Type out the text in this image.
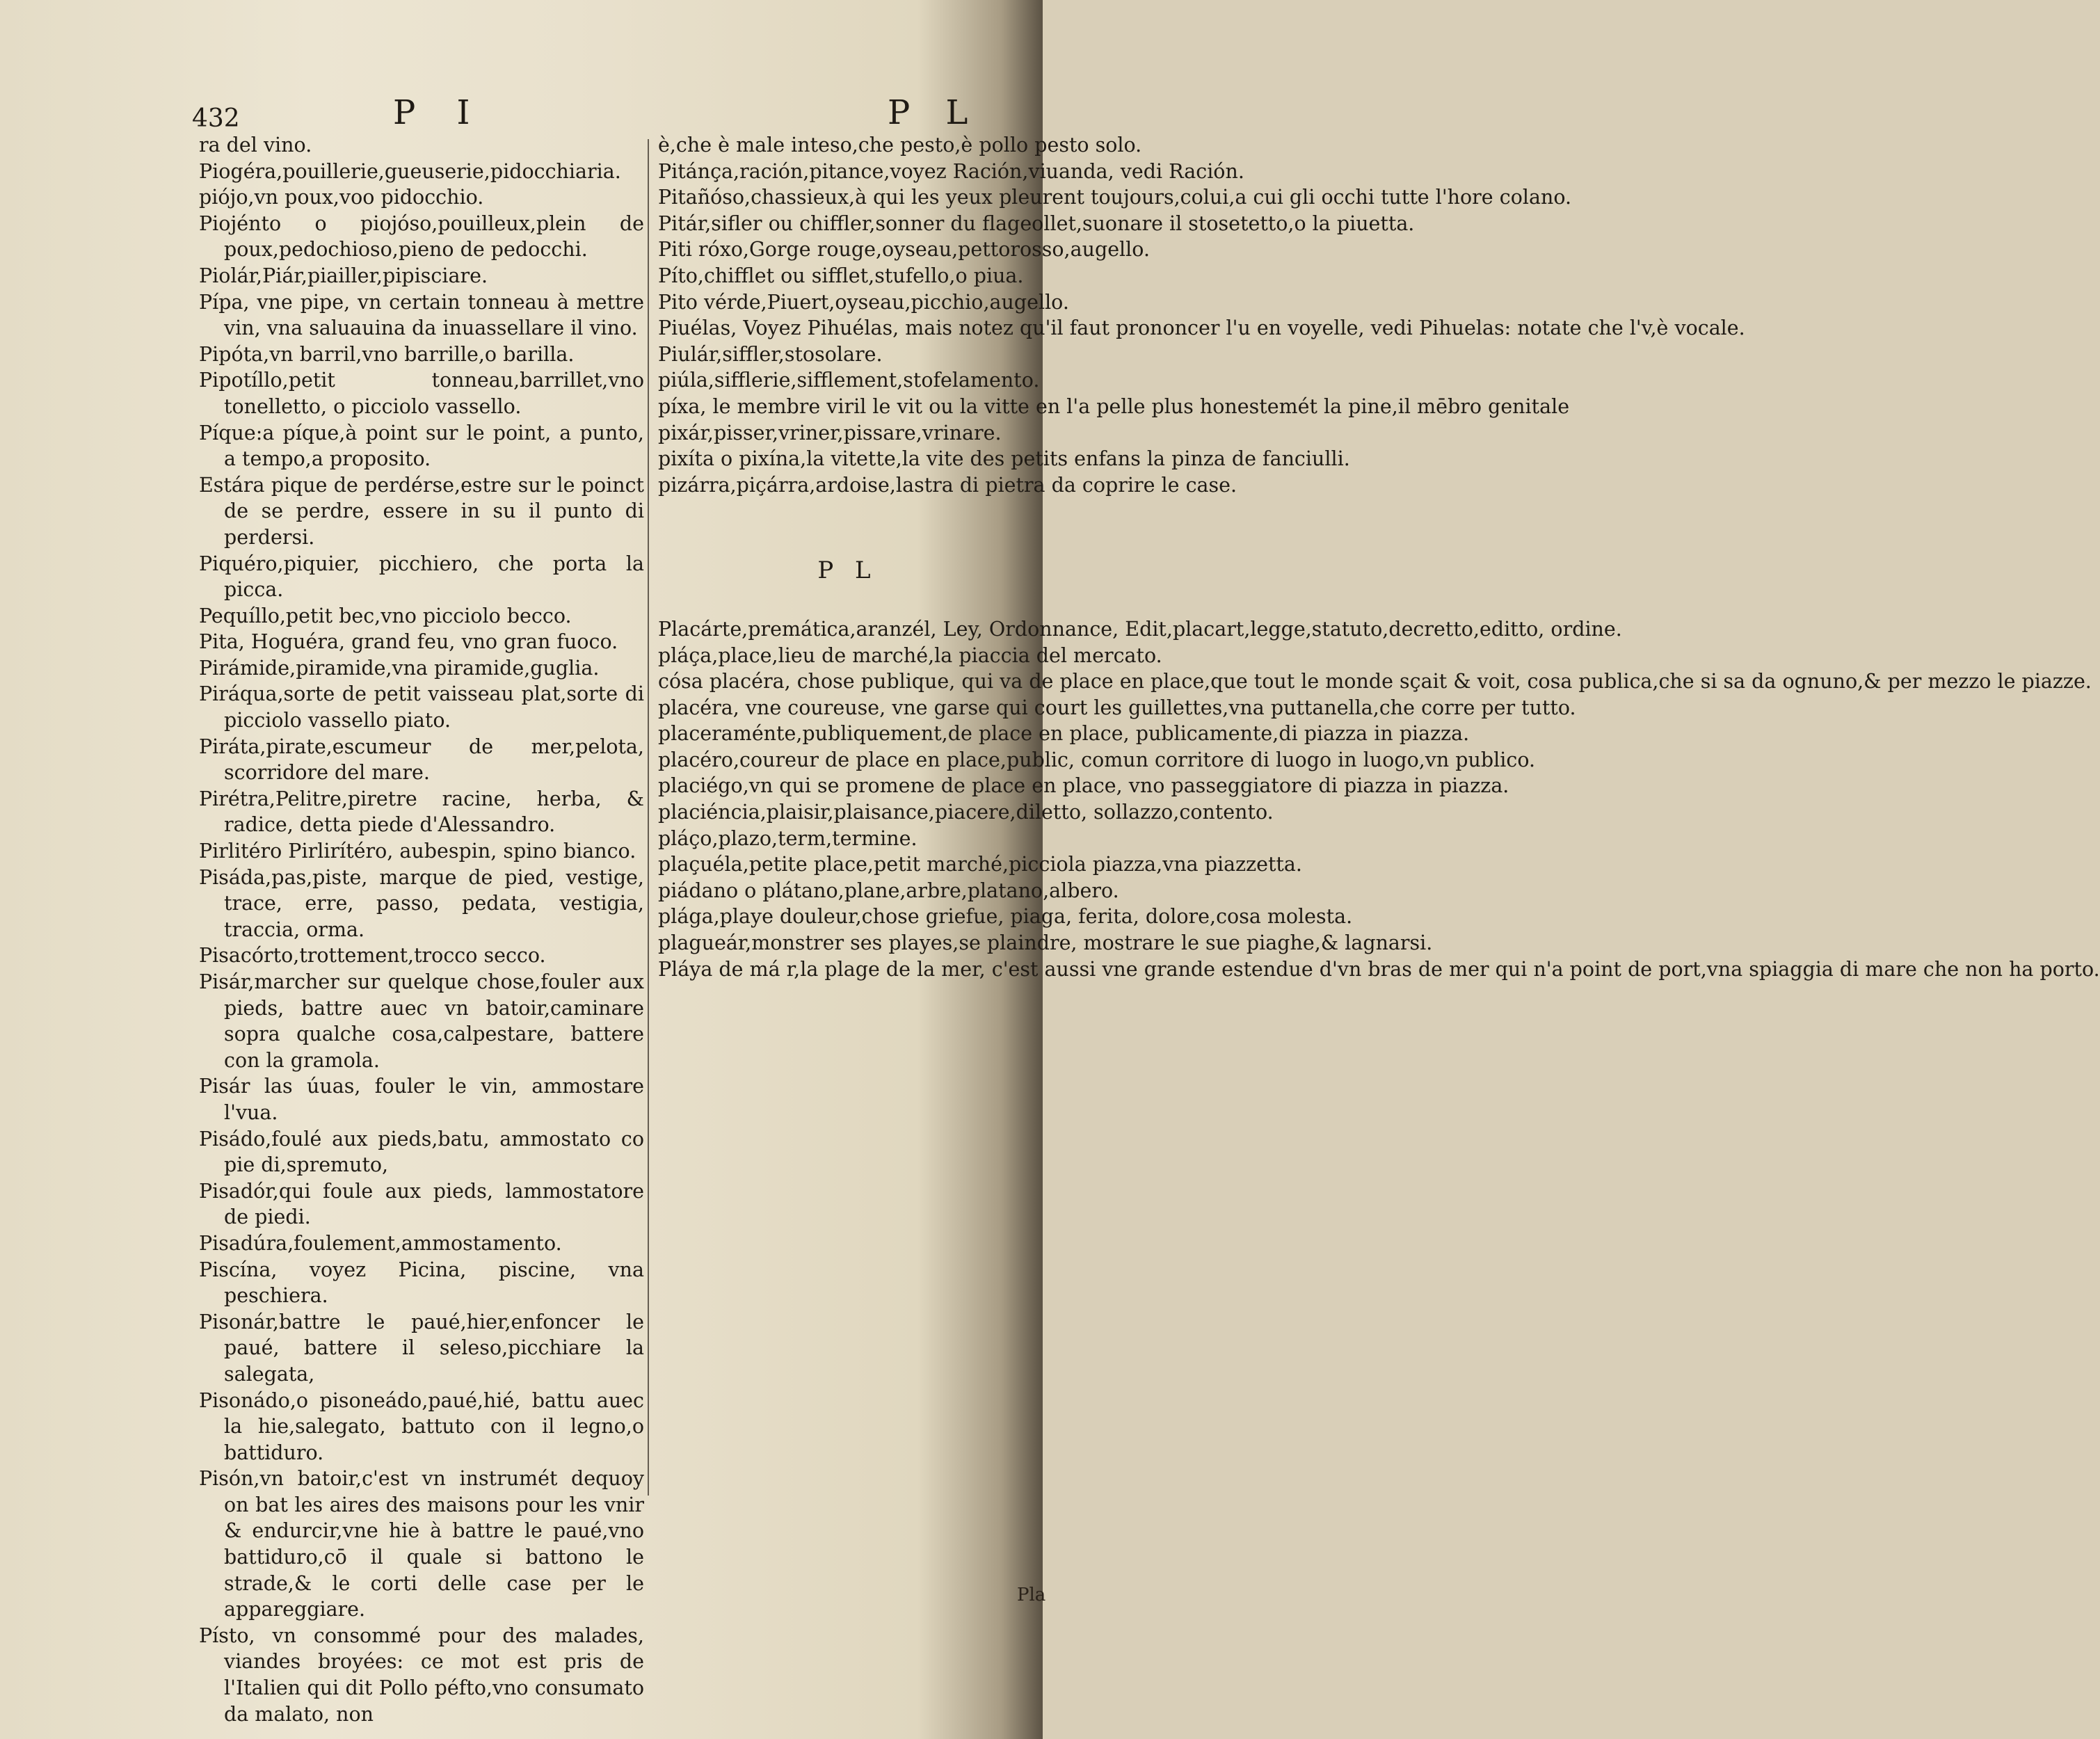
432	P I	P L

ra del vino.

Piogéra,pouillerie,gueuserie,pidocchiaria.

piójo,vn poux,voo pidocchio.

Piojénto o piojóso,pouilleux,plein de poux,pedochioso,pieno de pedocchi.

Piolár,Piár,piailler,pipisciare.

Pípa, vne pipe, vn certain tonneau à mettre vin, vna saluauina da inuassellare il vino.

Pipóta,vn barril,vno barrille,o barilla.

Pipotíllo,petit tonneau,barrillet,vno tonelletto, o picciolo vassello.

Píque:a píque,à point sur le point, a punto, a tempo,a proposito.

Estára pique de perdérse,estre sur le poinct de se perdre, essere in su il punto di perdersi.

Piquéro,piquier, picchiero, che porta la picca.

Pequíllo,petit bec,vno picciolo becco.

Pita, Hoguéra, grand feu, vno gran fuoco.

Pirámide,piramide,vna piramide,guglia.

Piráqua,sorte de petit vaisseau plat,sorte di picciolo vassello piato.

Piráta,pirate,escumeur de mer,pelota, scorridore del mare.

Pirétra,Pelitre,piretre racine, herba, & radice, detta piede d'Alessandro.

Pirlitéro Pirlirítéro, aubespin, spino bianco.

Pisáda,pas,piste, marque de pied, vestige, trace, erre, passo, pedata, vestigia, traccia, orma.

Pisacórto,trottement,trocco secco.

Pisár,marcher sur quelque chose,fouler aux pieds, battre auec vn batoir,caminare sopra qualche cosa,calpestare, battere con la gramola.

Pisár las úuas, fouler le vin, ammostare l'vua.

Pisádo,foulé aux pieds,batu, ammostato co pie di,spremuto,

Pisadór,qui foule aux pieds, lammostatore de piedi.

Pisadúra,foulement,ammostamento.

Piscína, voyez Picina, piscine, vna peschiera.

Pisonár,battre le paué,hier,enfoncer le paué, battere il seleso,picchiare la salegata,

Pisonádo,o pisoneádo,paué,hié, battu auec la hie,salegato, battuto con il legno,o battiduro.

Pisón,vn batoir,c'est vn instrumét dequoy on bat les aires des maisons pour les vnir & endurcir,vne hie à battre le paué,vno battiduro,cō il quale si battono le strade,& le corti delle case per le appareggiare.

Písto, vn consommé pour des malades, viandes broyées: ce mot est pris de l'Italien qui dit Pollo péfto,vno consumato da malato, non

è,che è male inteso,che pesto,è pollo pesto solo.

Pitánça,ración,pitance,voyez Ración,viuanda, vedi Ración.

Pitañóso,chassieux,à qui les yeux pleurent toujours,colui,a cui gli occhi tutte l'hore colano.

Pitár,sifler ou chiffler,sonner du flageollet,suonare il stosetetto,o la piuetta.

Piti róxo,Gorge rouge,oyseau,pettorosso,augello.

Píto,chifflet ou sifflet,stufello,o piua.

Pito vérde,Piuert,oyseau,picchio,augello.

Piuélas, Voyez Pihuélas, mais notez qu'il faut prononcer l'u en voyelle, vedi Pihuelas: notate che l'v,è vocale.

Piulár,siffler,stosolare.

piúla,sifflerie,sifflement,stofelamento.

píxa, le membre viril le vit ou la vitte en l'a pelle plus honestemét la pine,il mēbro genitale

pixár,pisser,vriner,pissare,vrinare.

pixíta o pixína,la vitette,la vite des petits enfans la pinza de fanciulli.

pizárra,piçárra,ardoise,lastra di pietra da coprire le case.

P L

Placárte,premática,aranzél, Ley, Ordonnance, Edit,placart,legge,statuto,decretto,editto, ordine.

pláça,place,lieu de marché,la piaccia del mercato.

cósa placéra, chose publique, qui va de place en place,que tout le monde sçait & voit, cosa publica,che si sa da ognuno,& per mezzo le piazze.

placéra, vne coureuse, vne garse qui court les guillettes,vna puttanella,che corre per tutto.

placeraménte,publiquement,de place en place, publicamente,di piazza in piazza.

placéro,coureur de place en place,public, comun corritore di luogo in luogo,vn publico.

placiégo,vn qui se promene de place en place, vno passeggiatore di piazza in piazza.

placiéncia,plaisir,plaisance,piacere,diletto, sollazzo,contento.

pláço,plazo,term,termine.

plaçuéla,petite place,petit marché,picciola piazza,vna piazzetta.

piádano o plátano,plane,arbre,platano,albero.

plága,playe douleur,chose griefue, piaga, ferita, dolore,cosa molesta.

plagueár,monstrer ses playes,se plaindre, mostrare le sue piaghe,& lagnarsi.

Pláya de má r,la plage de la mer, c'est aussi vne grande estendue d'vn bras de mer qui n'a point de port,vna spiaggia di mare che non ha porto.

Pla
